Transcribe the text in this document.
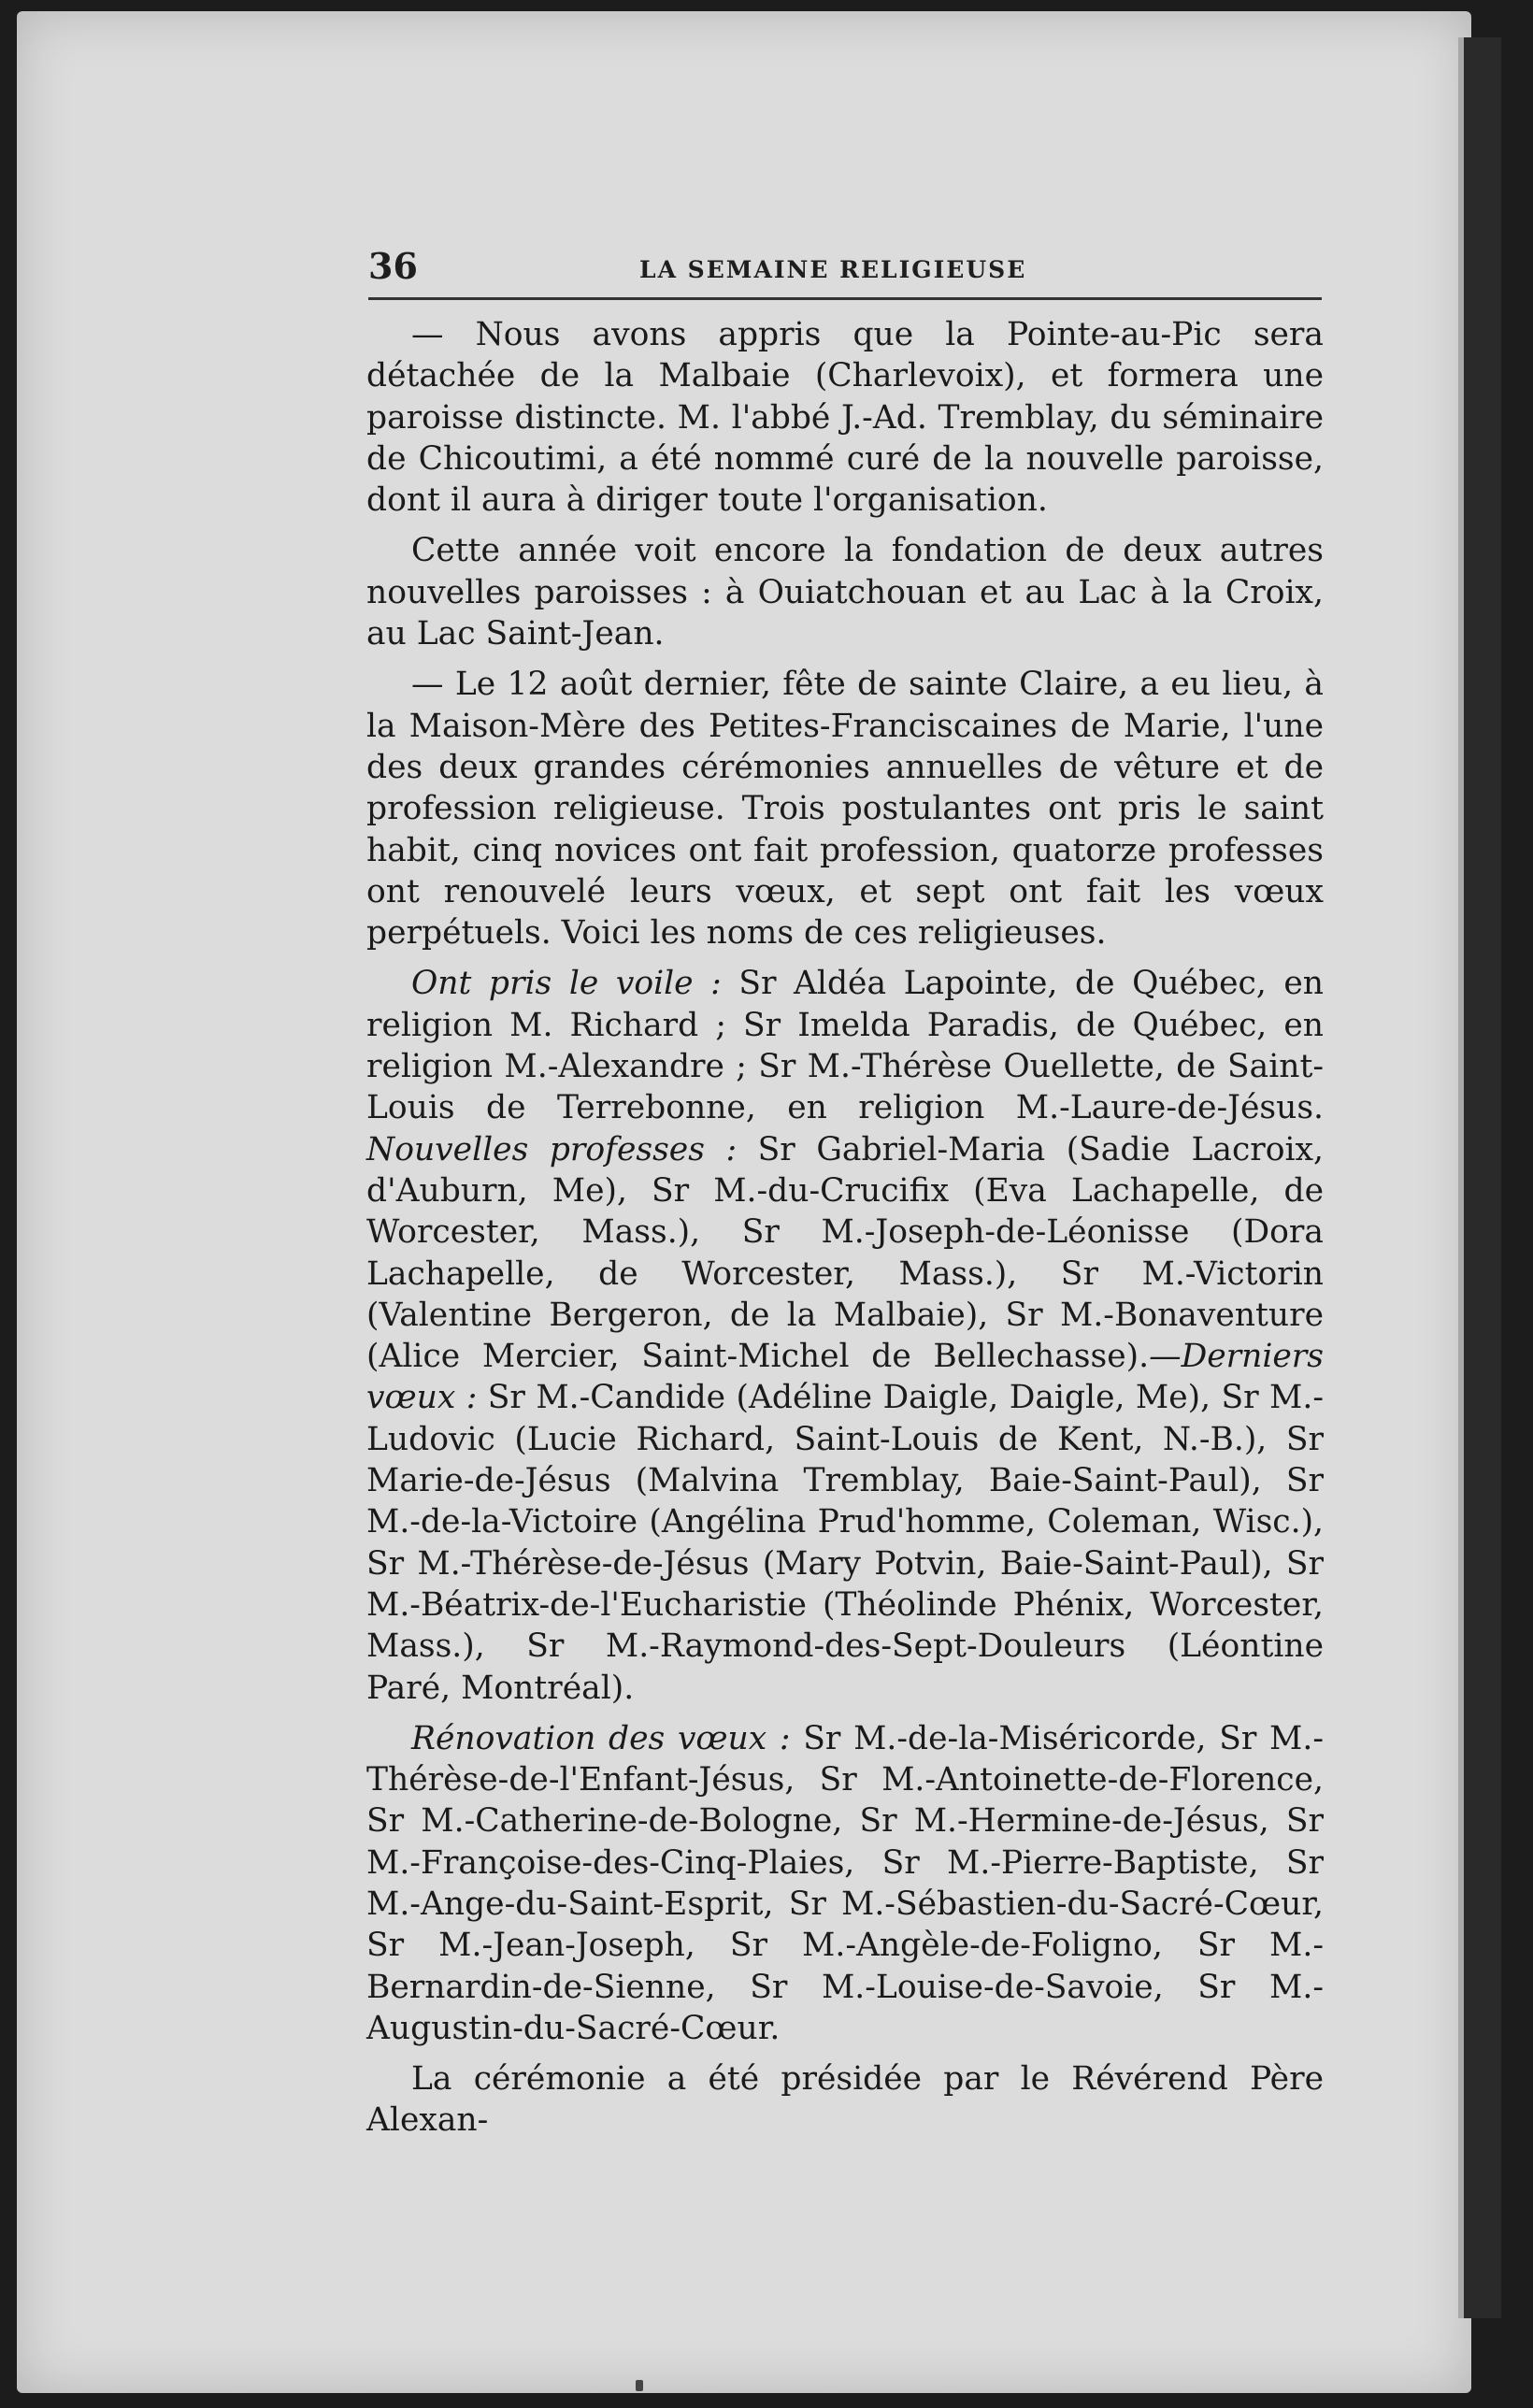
36	LA SEMAINE RELIGIEUSE

— Nous avons appris que la Pointe-au-Pic sera détachée de la Malbaie (Charlevoix), et formera une paroisse distincte. M. l'abbé J.-Ad. Tremblay, du séminaire de Chicoutimi, a été nommé curé de la nouvelle paroisse, dont il aura à diriger toute l'organisation.

Cette année voit encore la fondation de deux autres nouvelles paroisses : à Ouiatchouan et au Lac à la Croix, au Lac Saint-Jean.

— Le 12 août dernier, fête de sainte Claire, a eu lieu, à la Maison-Mère des Petites-Franciscaines de Marie, l'une des deux grandes cérémonies annuelles de vêture et de profession religieuse. Trois postulantes ont pris le saint habit, cinq novices ont fait profession, quatorze professes ont renouvelé leurs vœux, et sept ont fait les vœux perpétuels. Voici les noms de ces religieuses.

Ont pris le voile : Sr Aldéa Lapointe, de Québec, en religion M. Richard ; Sr Imelda Paradis, de Québec, en religion M.-Alexandre ; Sr M.-Thérèse Ouellette, de Saint-Louis de Terrebonne, en religion M.-Laure-de-Jésus. Nouvelles professes : Sr Gabriel-Maria (Sadie Lacroix, d'Auburn, Me), Sr M.-du-Crucifix (Eva Lachapelle, de Worcester, Mass.), Sr M.-Joseph-de-Léonisse (Dora Lachapelle, de Worcester, Mass.), Sr M.-Victorin (Valentine Bergeron, de la Malbaie), Sr M.-Bonaventure (Alice Mercier, Saint-Michel de Bellechasse).—Derniers vœux : Sr M.-Candide (Adéline Daigle, Daigle, Me), Sr M.-Ludovic (Lucie Richard, Saint-Louis de Kent, N.-B.), Sr Marie-de-Jésus (Malvina Tremblay, Baie-Saint-Paul), Sr M.-de-la-Victoire (Angélina Prud'homme, Coleman, Wisc.), Sr M.-Thérèse-de-Jésus (Mary Potvin, Baie-Saint-Paul), Sr M.-Béatrix-de-l'Eucharistie (Théolinde Phénix, Worcester, Mass.), Sr M.-Raymond-des-Sept-Douleurs (Léontine Paré, Montréal).

Rénovation des vœux : Sr M.-de-la-Miséricorde, Sr M.-Thérèse-de-l'Enfant-Jésus, Sr M.-Antoinette-de-Florence, Sr M.-Catherine-de-Bologne, Sr M.-Hermine-de-Jésus, Sr M.-Françoise-des-Cinq-Plaies, Sr M.-Pierre-Baptiste, Sr M.-Ange-du-Saint-Esprit, Sr M.-Sébastien-du-Sacré-Cœur, Sr M.-Jean-Joseph, Sr M.-Angèle-de-Foligno, Sr M.-Bernardin-de-Sienne, Sr M.-Louise-de-Savoie, Sr M.-Augustin-du-Sacré-Cœur.

La cérémonie a été présidée par le Révérend Père Alexan-
